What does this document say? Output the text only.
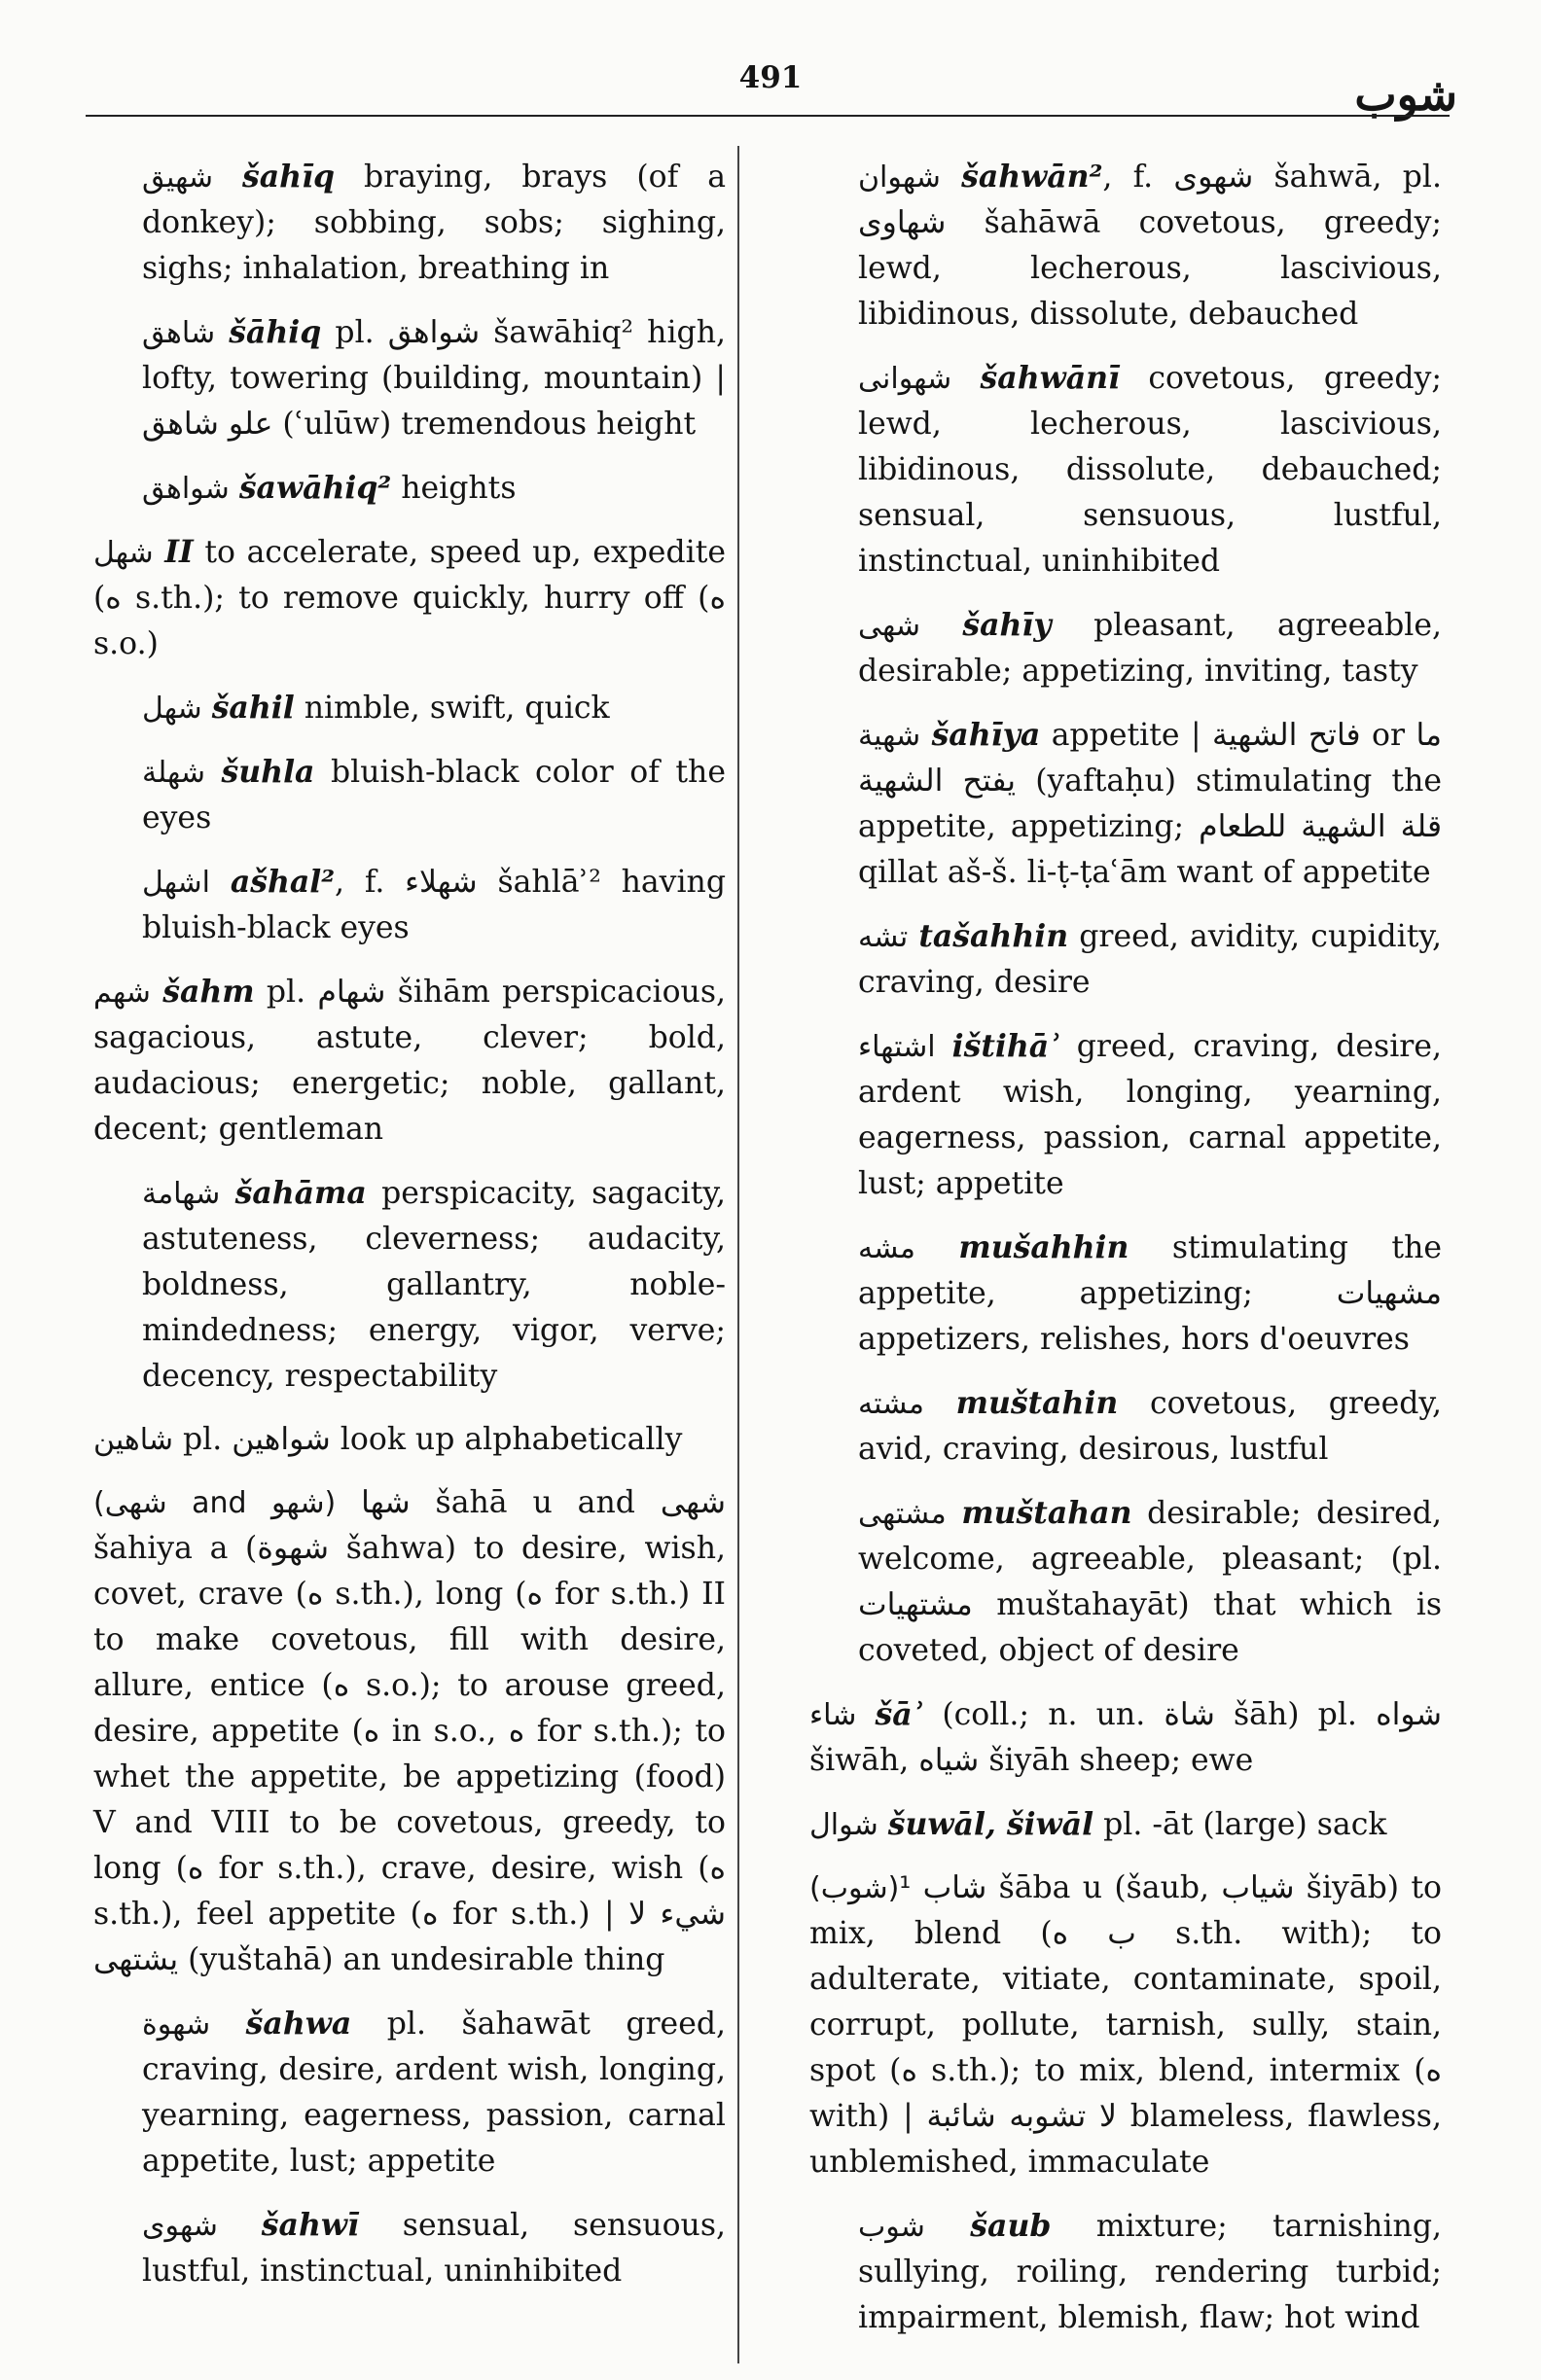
491	شوب
شهيق šahīq braying, brays (of a donkey); sobbing, sobs; sighing, sighs; inhalation, breathing in
شاهق šāhiq pl. شواهق šawāhiq² high, lofty, towering (building, mountain) | علو شاهق (ʿulūw) tremendous height
شواهق šawāhiq² heights
شهل II to accelerate, speed up, expedite (ه s.th.); to remove quickly, hurry off (ه s.o.)
شهل šahil nimble, swift, quick
شهلة šuhla bluish-black color of the eyes
اشهل ašhal², f. شهلاء šahlāʾ² having bluish-black eyes
شهم šahm pl. شهام šihām perspicacious, sagacious, astute, clever; bold, audacious; energetic; noble, gallant, decent; gentleman
شهامة šahāma perspicacity, sagacity, astuteness, cleverness; audacity, boldness, gallantry, noble-mindedness; energy, vigor, verve; decency, respectability
شاهين pl. شواهين look up alphabetically
(شهو and شهى) شها šahā u and شهى šahiya a (شهوة šahwa) to desire, wish, covet, crave (ه s.th.), long (ه for s.th.) II to make covetous, fill with desire, allure, entice (ه s.o.); to arouse greed, desire, appetite (ه in s.o., ه for s.th.); to whet the appetite, be appetizing (food) V and VIII to be covetous, greedy, to long (ه for s.th.), crave, desire, wish (ه s.th.), feel appetite (ه for s.th.) | شيء لا يشتهى (yuštahā) an undesirable thing
شهوة šahwa pl. šahawāt greed, craving, desire, ardent wish, longing, yearning, eagerness, passion, carnal appetite, lust; appetite
شهوى šahwī sensual, sensuous, lustful, instinctual, uninhibited
شهوان šahwān², f. شهوى šahwā, pl. شهاوى šahāwā covetous, greedy; lewd, lecherous, lascivious, libidinous, dissolute, debauched
شهوانى šahwānī covetous, greedy; lewd, lecherous, lascivious, libidinous, dissolute, debauched; sensual, sensuous, lustful, instinctual, uninhibited
شهى šahīy pleasant, agreeable, desirable; appetizing, inviting, tasty
شهية šahīya appetite | فاتح الشهية or ما يفتح الشهية (yaftaḥu) stimulating the appetite, appetizing; قلة الشهية للطعام qillat aš-š. li-ṭ-ṭaʿām want of appetite
تشه tašahhin greed, avidity, cupidity, craving, desire
اشتهاء ištihāʾ greed, craving, desire, ardent wish, longing, yearning, eagerness, passion, carnal appetite, lust; appetite
مشه mušahhin stimulating the appetite, appetizing; مشهيات appetizers, relishes, hors d'oeuvres
مشته muštahin covetous, greedy, avid, craving, desirous, lustful
مشتهى muštahan desirable; desired, welcome, agreeable, pleasant; (pl. مشتهيات muštahayāt) that which is coveted, object of desire
شاء šāʾ (coll.; n. un. شاة šāh) pl. شواه šiwāh, شياه šiyāh sheep; ewe
شوال šuwāl, šiwāl pl. -āt (large) sack
¹(شوب) شاب šāba u (šaub, شياب šiyāb) to mix, blend (ب ه s.th. with); to adulterate, vitiate, contaminate, spoil, corrupt, pollute, tarnish, sully, stain, spot (ه s.th.); to mix, blend, intermix (ه with) | لا تشوبه شائبة blameless, flawless, unblemished, immaculate
شوب šaub mixture; tarnishing, sullying, roiling, rendering turbid; impairment, blemish, flaw; hot wind
